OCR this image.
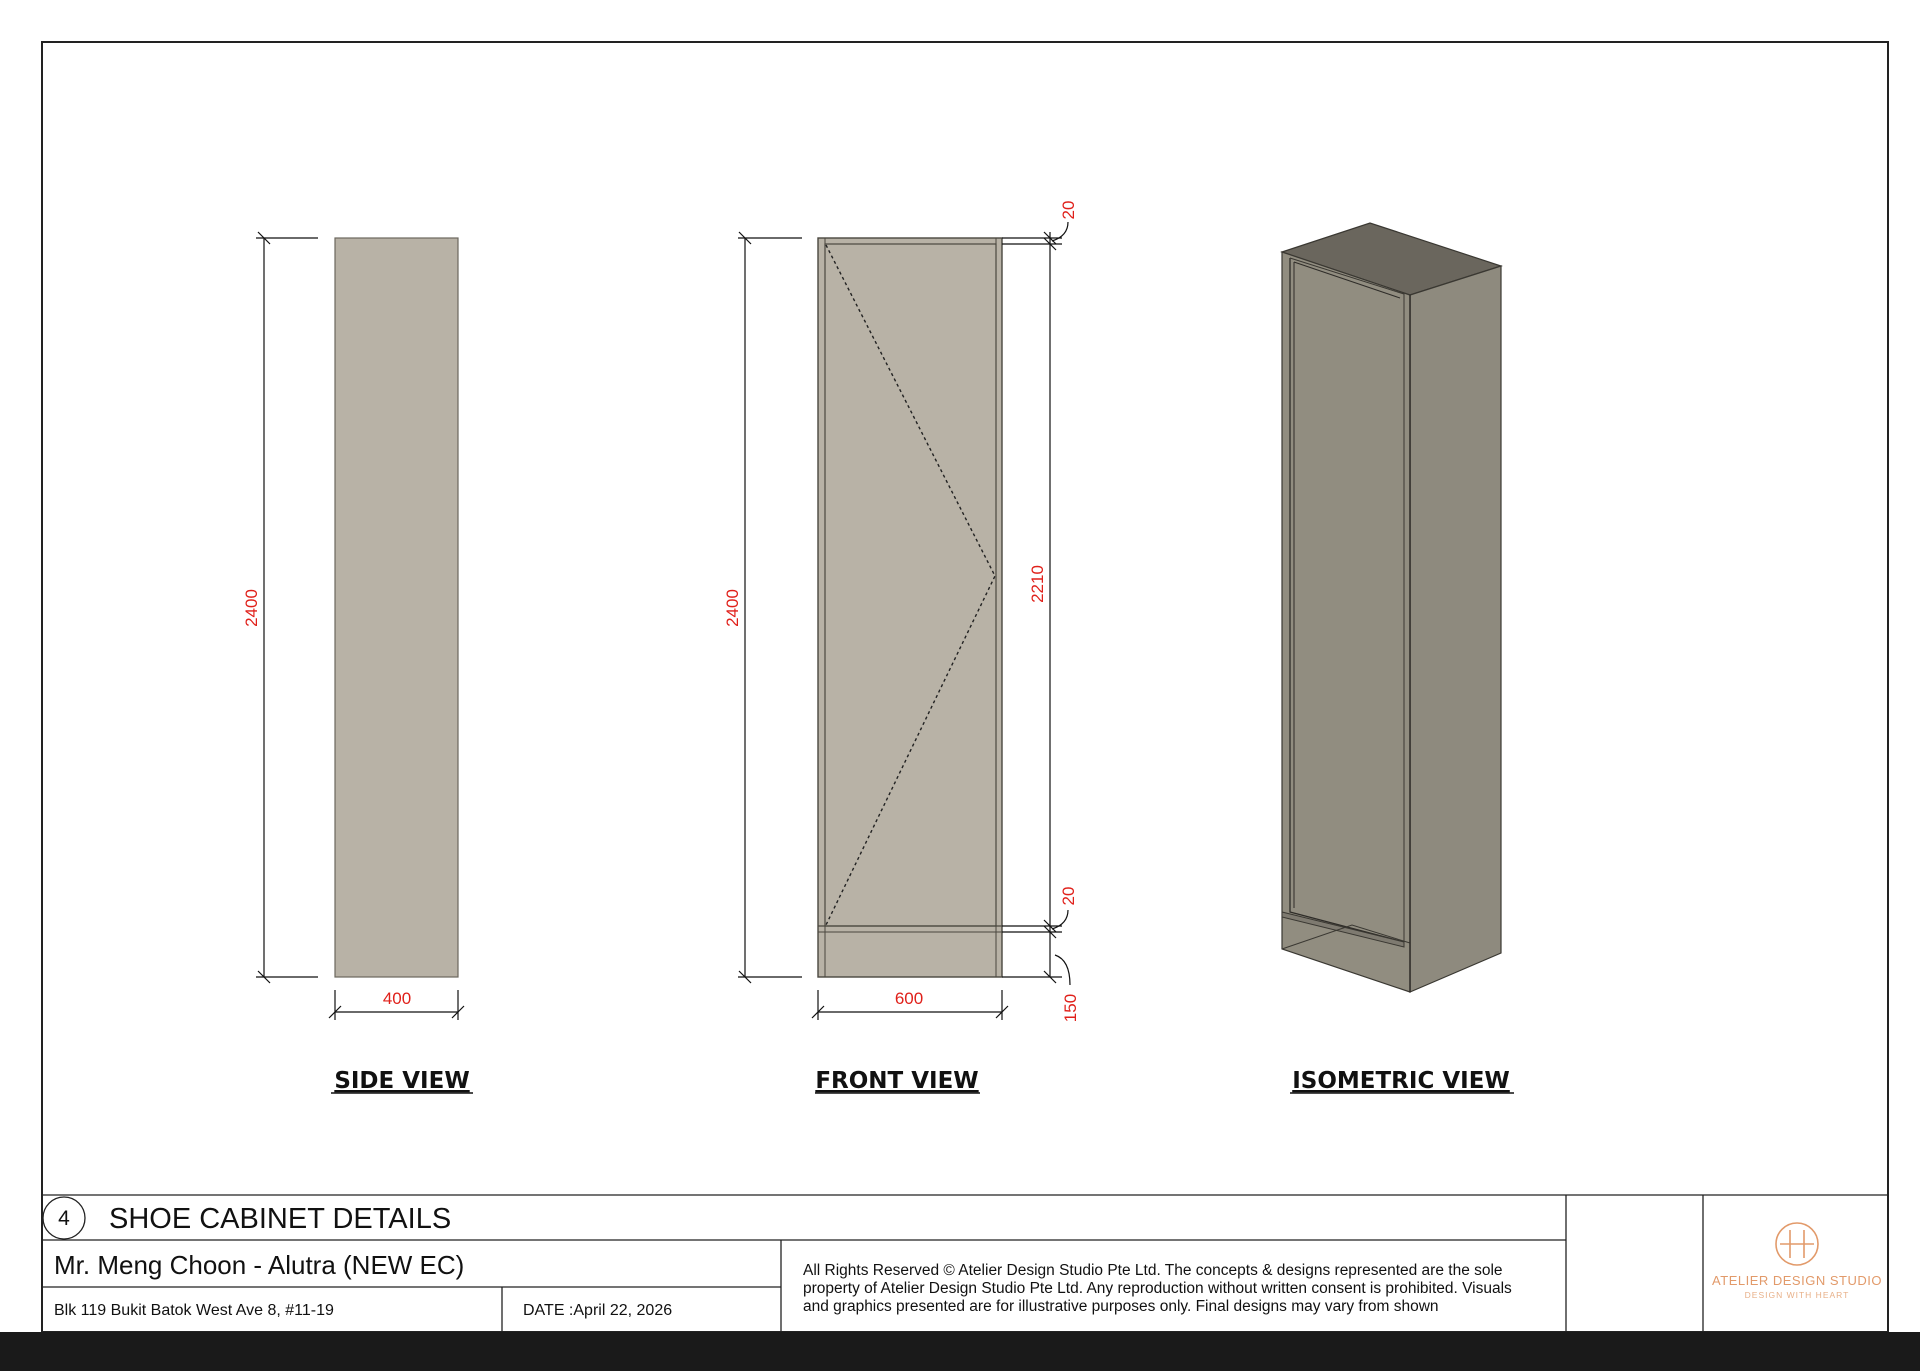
2400
400
SIDE VIEW
2400
600
20
2210
20
150
FRONT VIEW	ISOMETRIC VIEW
4 SHOE CABINET DETAILS
Mr. Meng Choon - Alutra (NEW EC)
Blk 119 Bukit Batok West Ave 8, #11-19	DATE :April 22, 2026
All Rights Reserved © Atelier Design Studio Pte Ltd. The concepts & designs represented are the sole
property of Atelier Design Studio Pte Ltd. Any reproduction without written consent is prohibited. Visuals
and graphics presented are for illustrative purposes only. Final designs may vary from shown
ATELIER DESIGN STUDIO
DESIGN WITH HEART
